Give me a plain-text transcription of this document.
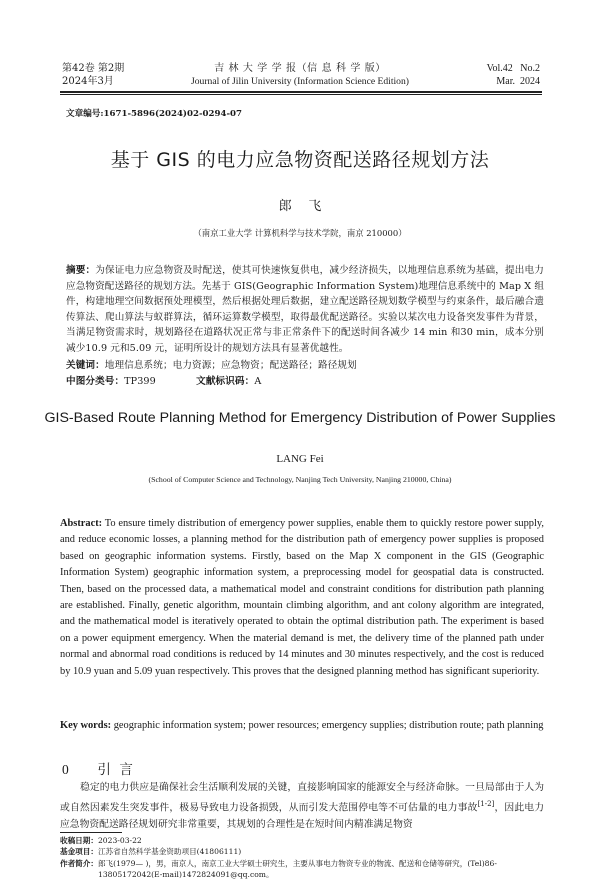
第42卷 第2期
2024年3月
吉 林 大 学 学 报（信 息 科 学 版）
Journal of Jilin University (Information Science Edition)
Vol.42   No.2
Mar.  2024
文章编号:1671-5896(2024)02-0294-07
基于 GIS 的电力应急物资配送路径规划方法
郎    飞
（南京工业大学 计算机科学与技术学院，南京 210000）
摘要：为保证电力应急物资及时配送，使其可快速恢复供电，减少经济损失，以地理信息系统为基础，提出电力应急物资配送路径的规划方法。先基于 GIS(Geographic Information System)地理信息系统中的 Map X 组件，构建地理空间数据预处理模型，然后根据处理后数据，建立配送路径规划数学模型与约束条件，最后融合遗传算法、爬山算法与蚁群算法，循环运算数学模型，取得最优配送路径。实验以某次电力设备突发事件为背景，当满足物资需求时，规划路径在道路状况正常与非正常条件下的配送时间各减少 14 min 和30 min，成本分别减少10.9 元和5.09 元，证明所设计的规划方法具有显著优越性。
关键词：地理信息系统；电力资源；应急物资；配送路径；路径规划
中图分类号：TP399	文献标识码：A
GIS-Based Route Planning Method for Emergency Distribution of Power Supplies
LANG Fei
(School of Computer Science and Technology, Nanjing Tech University, Nanjing 210000, China)
Abstract: To ensure timely distribution of emergency power supplies, enable them to quickly restore power supply, and reduce economic losses, a planning method for the distribution path of emergency power supplies is proposed based on geographic information systems. Firstly, based on the Map X component in the GIS (Geographic Information System) geographic information system, a preprocessing model for geospatial data is constructed. Then, based on the processed data, a mathematical model and constraint conditions for distribution path planning are established. Finally, genetic algorithm, mountain climbing algorithm, and ant colony algorithm are integrated, and the mathematical model is iteratively operated to obtain the optimal distribution path. The experiment is based on a power equipment emergency. When the material demand is met, the delivery time of the planned path under normal and abnormal road conditions is reduced by 14 minutes and 30 minutes respectively, and the cost is reduced by 10.9 yuan and 5.09 yuan respectively. This proves that the designed planning method has significant superiority.
Key words: geographic information system; power resources; emergency supplies; distribution route; path planning
0 引  言
稳定的电力供应是确保社会生活顺利发展的关键，直接影响国家的能源安全与经济命脉。一旦局部由于人为或自然因素发生突发事件，极易导致电力设备损毁，从而引发大范围停电等不可估量的电力事故[1-2]，因此电力应急物资配送路径规划研究非常重要，其规划的合理性是在短时间内精准满足物资
收稿日期：2023-03-22
基金项目：江苏省自然科学基金资助项目(41806111)
作者简介：郎飞(1979— )，男，南京人，南京工业大学硕士研究生，主要从事电力物资专业的物流、配送和仓储等研究，(Tel)86-13805172042(E-mail)1472824091@qq.com。
